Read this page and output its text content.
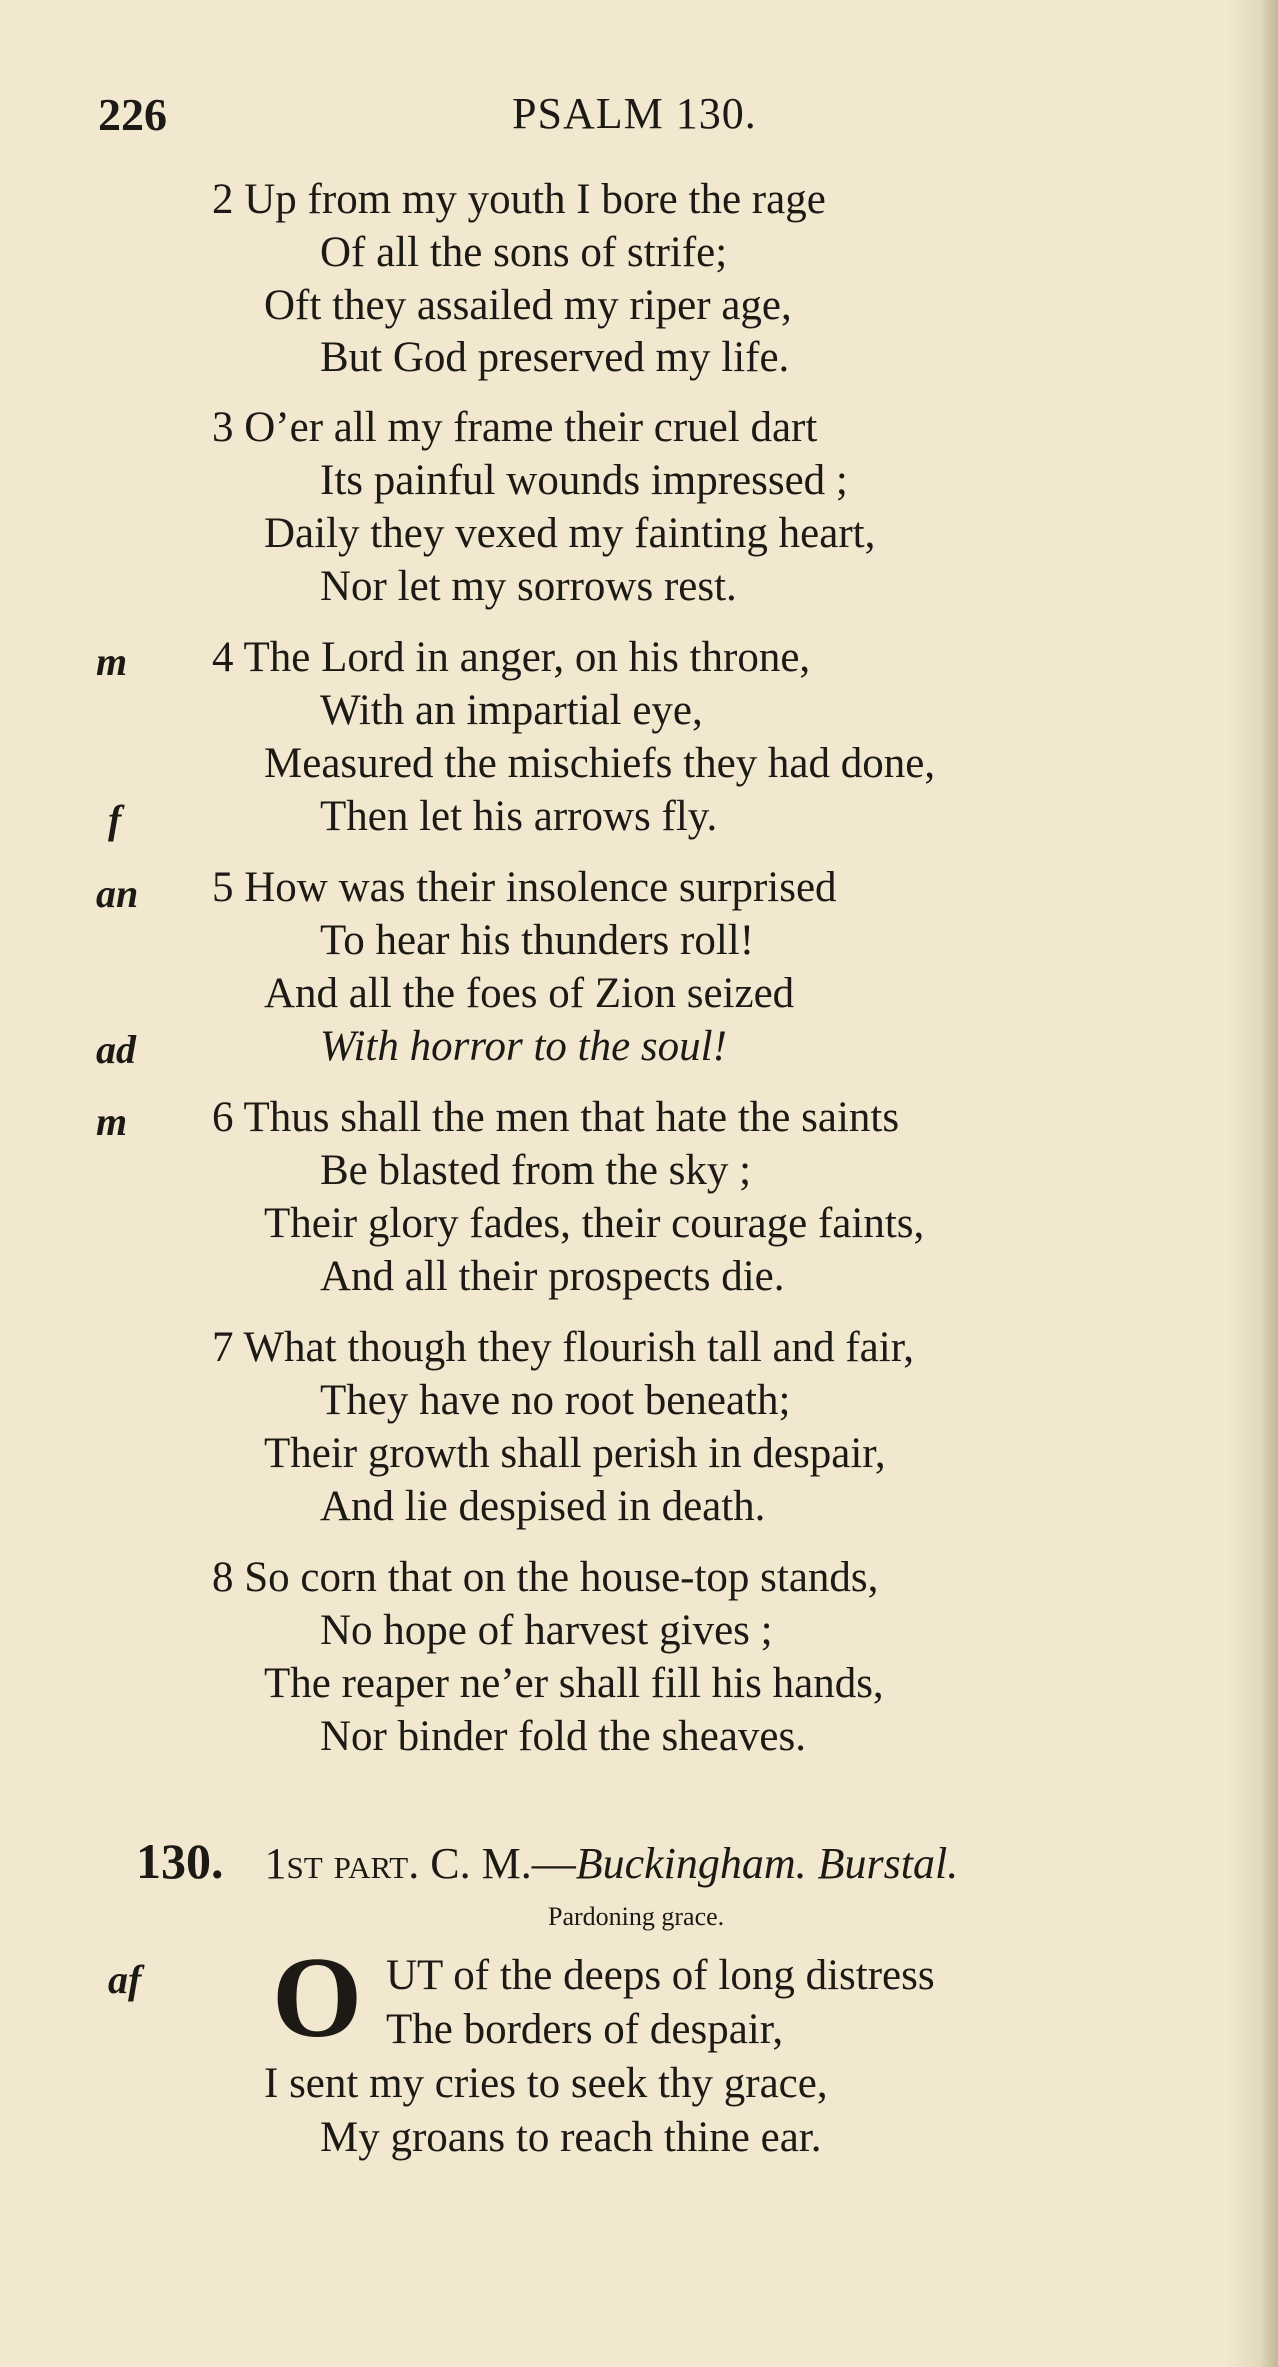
226	PSALM 130.
2 Up from my youth I bore the rage
Of all the sons of strife;
Oft they assailed my riper age,
But God preserved my life.
3 O’er all my frame their cruel dart
Its painful wounds impressed ;
Daily they vexed my fainting heart,
Nor let my sorrows rest.
m 4 The Lord in anger, on his throne,
With an impartial eye,
Measured the mischiefs they had done,
f	Then let his arrows fly.
an 5 How was their insolence surprised
To hear his thunders roll!
And all the foes of Zion seized
ad	With horror to the soul!
m 6 Thus shall the men that hate the saints
Be blasted from the sky ;
Their glory fades, their courage faints,
And all their prospects die.
7 What though they flourish tall and fair,
They have no root beneath;
Their growth shall perish in despair,
And lie despised in death.
8 So corn that on the house-top stands,
No hope of harvest gives ;
The reaper ne’er shall fill his hands,
Nor binder fold the sheaves.
130. 1st part. C. M.—Buckingham. Burstal.
Pardoning grace.
af O UT of the deeps of long distress
The borders of despair,
I sent my cries to seek thy grace,
My groans to reach thine ear.
